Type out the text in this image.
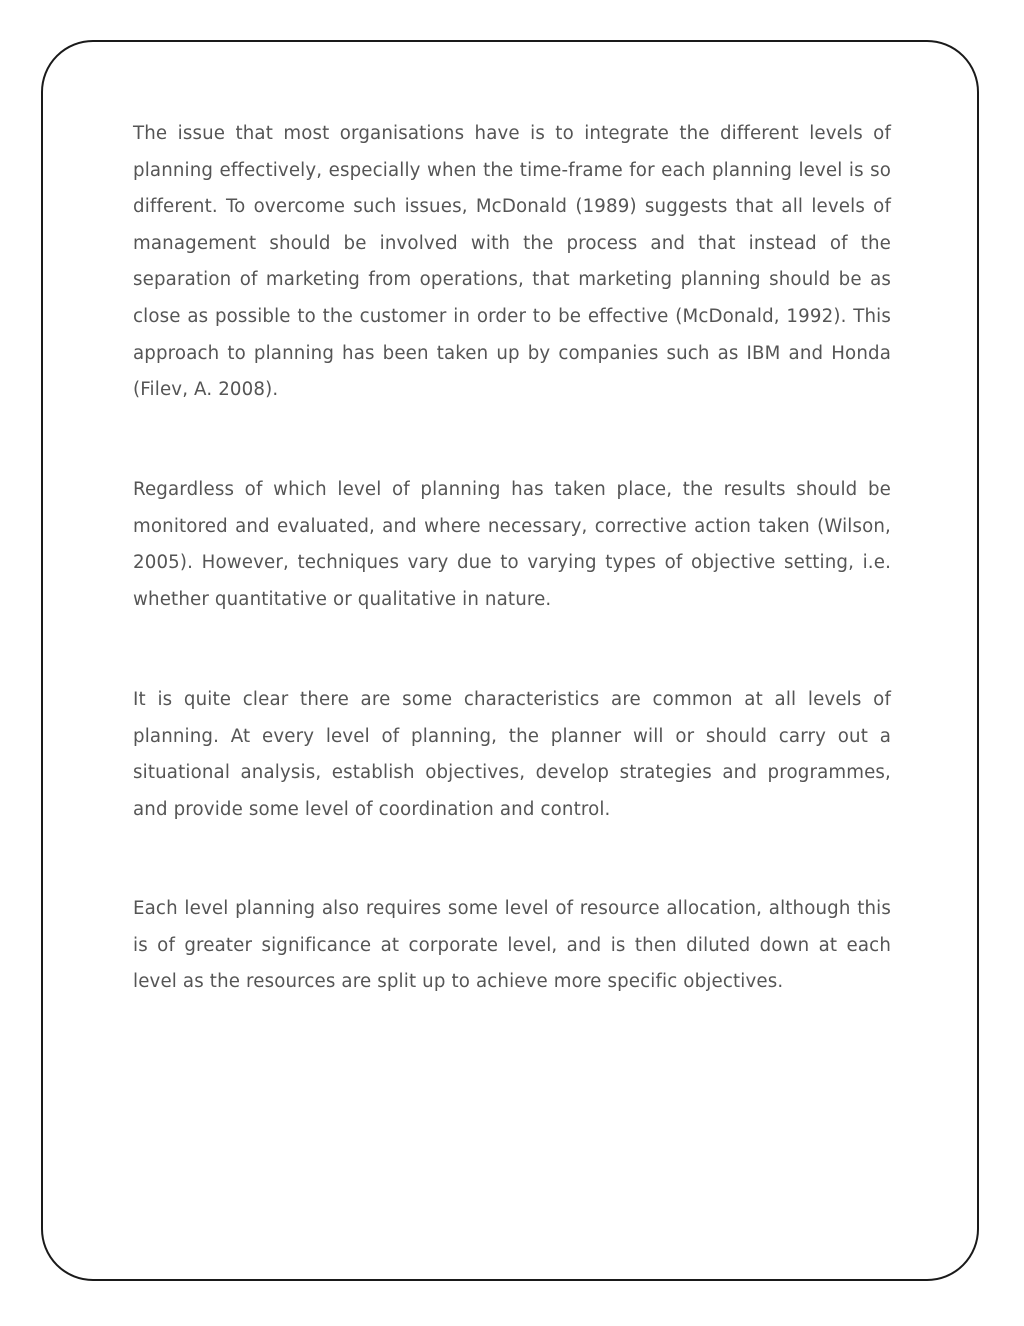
The issue that most organisations have is to integrate the different levels of planning effectively, especially when the time-frame for each planning level is so different. To overcome such issues, McDonald (1989) suggests that all levels of management should be involved with the process and that instead of the separation of marketing from operations, that marketing planning should be as close as possible to the customer in order to be effective (McDonald, 1992). This approach to planning has been taken up by companies such as IBM and Honda (Filev, A. 2008).

Regardless of which level of planning has taken place, the results should be monitored and evaluated, and where necessary, corrective action taken (Wilson, 2005). However, techniques vary due to varying types of objective setting, i.e. whether quantitative or qualitative in nature.

It is quite clear there are some characteristics are common at all levels of planning. At every level of planning, the planner will or should carry out a situational analysis, establish objectives, develop strategies and programmes, and provide some level of coordination and control.

Each level planning also requires some level of resource allocation, although this is of greater significance at corporate level, and is then diluted down at each level as the resources are split up to achieve more specific objectives.
